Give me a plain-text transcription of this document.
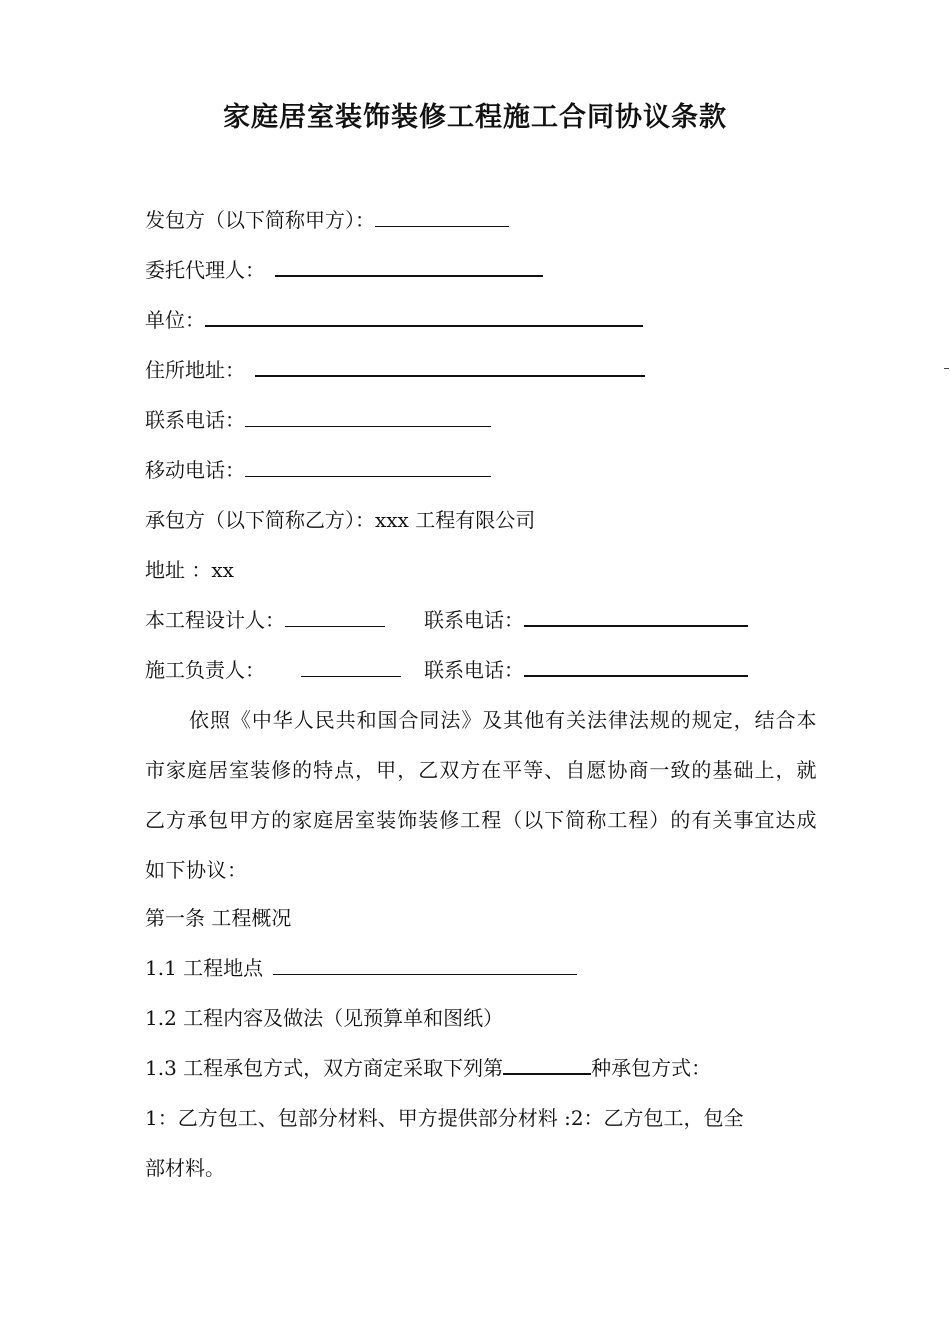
家庭居室装饰装修工程施工合同协议条款
发包方（以下简称甲方）：
委托代理人：
单位：
住所地址：
联系电话：
移动电话：
承包方（以下简称乙方）：xxx 工程有限公司
地址 ：xx
本工程设计人：	联系电话：
施工负责人：	联系电话：
依照《中华人民共和国合同法》及其他有关法律法规的规定，结合本市家庭居室装修的特点，甲，乙双方在平等、自愿协商一致的基础上，就乙方承包甲方的家庭居室装饰装修工程（以下简称工程）的有关事宜达成如下协议：
第一条 工程概况
1.1 工程地点
1.2 工程内容及做法（见预算单和图纸）
1.3 工程承包方式，双方商定采取下列第	种承包方式：
1：乙方包工、包部分材料、甲方提供部分材料 :2：乙方包工，包全
部材料。
